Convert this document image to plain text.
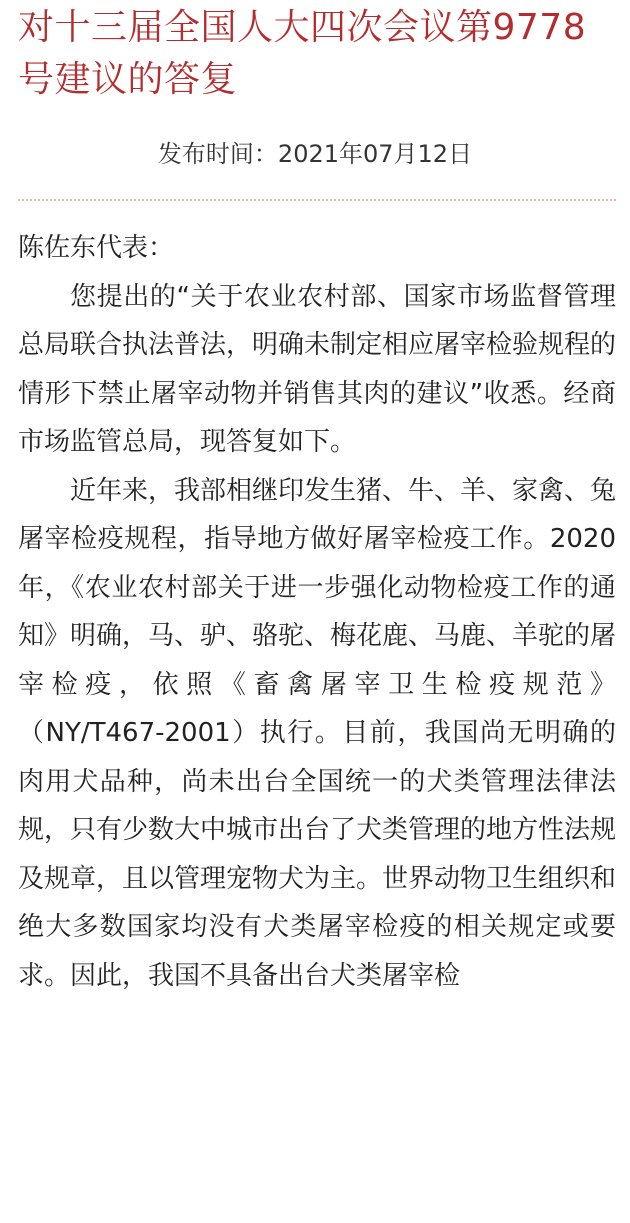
对十三届全国人大四次会议第9778号建议的答复
发布时间：2021年07月12日

陈佐东代表：

您提出的“关于农业农村部、国家市场监督管理总局联合执法普法，明确未制定相应屠宰检验规程的情形下禁止屠宰动物并销售其肉的建议”收悉。经商市场监管总局，现答复如下。

近年来，我部相继印发生猪、牛、羊、家禽、兔屠宰检疫规程，指导地方做好屠宰检疫工作。2020年，《农业农村部关于进一步强化动物检疫工作的通知》明确，马、驴、骆驼、梅花鹿、马鹿、羊驼的屠宰检疫，依照《畜禽屠宰卫生检疫规范》（NY/T467-2001）执行。目前，我国尚无明确的肉用犬品种，尚未出台全国统一的犬类管理法律法规，只有少数大中城市出台了犬类管理的地方性法规及规章，且以管理宠物犬为主。世界动物卫生组织和绝大多数国家均没有犬类屠宰检疫的相关规定或要求。因此，我国不具备出台犬类屠宰检
